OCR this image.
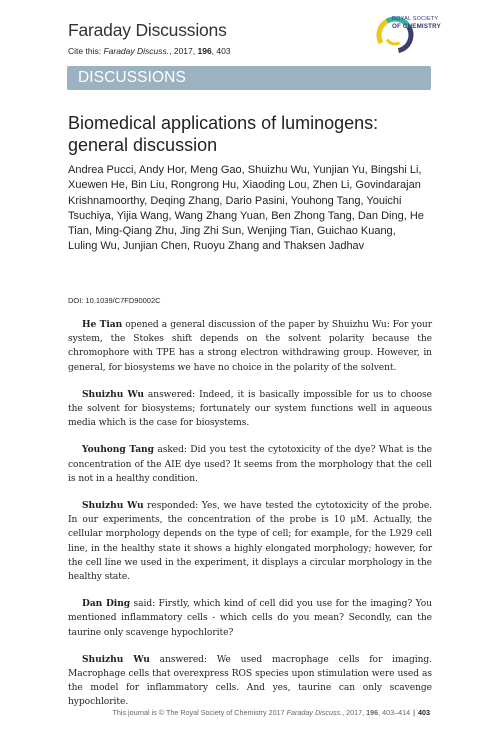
Faraday Discussions
Cite this: Faraday Discuss., 2017, 196, 403
ROYAL SOCIETY
OF CHEMISTRY
DISCUSSIONS
Biomedical applications of luminogens:
general discussion
Andrea Pucci, Andy Hor, Meng Gao, Shuizhu Wu, Yunjian Yu, Bingshi Li, Xuewen He, Bin Liu, Rongrong Hu, Xiaoding Lou, Zhen Li, Govindarajan Krishnamoorthy, Deqing Zhang, Dario Pasini, Youhong Tang, Youichi Tsuchiya, Yijia Wang, Wang Zhang Yuan, Ben Zhong Tang, Dan Ding, He Tian, Ming-Qiang Zhu, Jing Zhi Sun, Wenjing Tian, Guichao Kuang, Luling Wu, Junjian Chen, Ruoyu Zhang and Thaksen Jadhav
DOI: 10.1039/C7FD90002C

He Tian opened a general discussion of the paper by Shuizhu Wu: For your system, the Stokes shift depends on the solvent polarity because the chromophore with TPE has a strong electron withdrawing group. However, in general, for biosystems we have no choice in the polarity of the solvent.

Shuizhu Wu answered: Indeed, it is basically impossible for us to choose the solvent for biosystems; fortunately our system functions well in aqueous media which is the case for biosystems.

Youhong Tang asked: Did you test the cytotoxicity of the dye? What is the concentration of the AIE dye used? It seems from the morphology that the cell is not in a healthy condition.

Shuizhu Wu responded: Yes, we have tested the cytotoxicity of the probe. In our experiments, the concentration of the probe is 10 μM. Actually, the cellular morphology depends on the type of cell; for example, for the L929 cell line, in the healthy state it shows a highly elongated morphology; however, for the cell line we used in the experiment, it displays a circular morphology in the healthy state.

Dan Ding said: Firstly, which kind of cell did you use for the imaging? You mentioned inflammatory cells - which cells do you mean? Secondly, can the taurine only scavenge hypochlorite?

Shuizhu Wu answered: We used macrophage cells for imaging. Macrophage cells that overexpress ROS species upon stimulation were used as the model for inflammatory cells. And yes, taurine can only scavenge hypochlorite.

This journal is © The Royal Society of Chemistry 2017 Faraday Discuss., 2017, 196, 403–414 | 403
